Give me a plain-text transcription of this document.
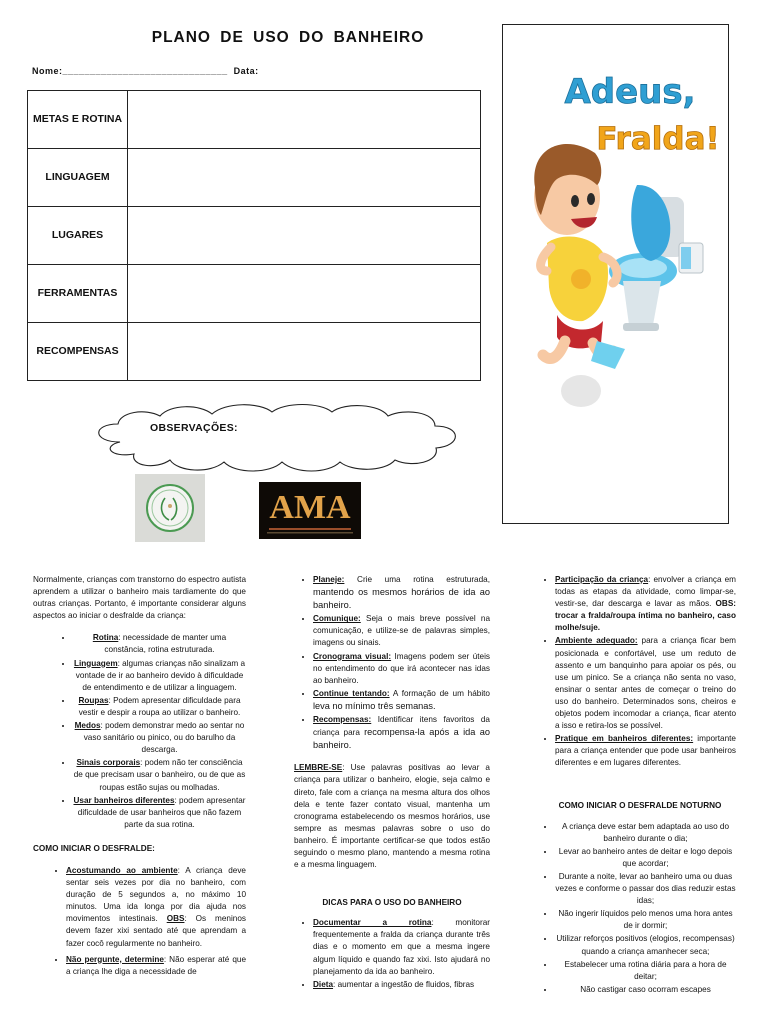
PLANO DE USO DO BANHEIRO
Nome:______________________________  Data:
METAS E ROTINA	
LINGUAGEM	
LUGARES	
FERRAMENTAS	
RECOMPENSAS	
OBSERVAÇÕES:
AMA
Adeus,
Fralda!

Normalmente, crianças com transtorno do espectro autista aprendem a utilizar o banheiro mais tardiamente do que outras crianças. Portanto, é importante considerar alguns aspectos ao iniciar o desfralde da criança:

• Rotina: necessidade de manter uma constância, rotina estruturada.
• Linguagem: algumas crianças não sinalizam a vontade de ir ao banheiro devido à dificuldade de entendimento e de utilizar a linguagem.
• Roupas: Podem apresentar dificuldade para vestir e despir a roupa ao utilizar o banheiro.
• Medos: podem demonstrar medo ao sentar no vaso sanitário ou pinico, ou do barulho da descarga.
• Sinais corporais: podem não ter consciência de que precisam usar o banheiro, ou de que as roupas estão sujas ou molhadas.
• Usar banheiros diferentes: podem apresentar dificuldade de usar banheiros que não fazem parte da sua rotina.
COMO INICIAR O DESFRALDE:
• Acostumando ao ambiente: A criança deve sentar seis vezes por dia no banheiro, com duração de 5 segundos a, no máximo 10 minutos. Uma ida longa por dia ajuda nos movimentos intestinais. OBS: Os meninos devem fazer xixi sentado até que aprendam a fazer cocô regularmente no banheiro.
• Não pergunte, determine: Não esperar até que a criança lhe diga a necessidade de
• Planeje: Crie uma rotina estruturada, mantendo os mesmos horários de ida ao banheiro.
• Comunique: Seja o mais breve possível na comunicação, e utilize-se de palavras simples, imagens ou sinais.
• Cronograma visual: Imagens podem ser úteis no entendimento do que irá acontecer nas idas ao banheiro.
• Continue tentando: A formação de um hábito leva no mínimo três semanas.
• Recompensas: Identificar itens favoritos da criança para recompensa-la após a ida ao banheiro.

LEMBRE-SE: Use palavras positivas ao levar a criança para utilizar o banheiro, elogie, seja calmo e direto, fale com a criança na mesma altura dos olhos dela e tente fazer contato visual, mantenha um cronograma estabelecendo os mesmos horários, use sempre as mesmas palavras sobre o uso do banheiro. É importante certificar-se que todos estão seguindo o mesmo plano, mantendo a mesma rotina e a mesma linguagem.

DICAS PARA O USO DO BANHEIRO
• Documentar a rotina: monitorar frequentemente a fralda da criança durante três dias e o momento em que a mesma ingere algum líquido e quando faz xixi. Isto ajudará no planejamento da ida ao banheiro.
• Dieta: aumentar a ingestão de fluidos, fibras
• Participação da criança: envolver a criança em todas as etapas da atividade, como limpar-se, vestir-se, dar descarga e lavar as mãos. OBS: trocar a fralda/roupa íntima no banheiro, caso molhe/suje.
• Ambiente adequado: para a criança ficar bem posicionada e confortável, use um reduto de assento e um banquinho para apoiar os pés, ou use um pinico. Se a criança não senta no vaso, ensinar o sentar antes de começar o treino do uso do banheiro. Determinados sons, cheiros e objetos podem incomodar a criança, ficar atento a isso e retira-los se possível.
• Pratique em banheiros diferentes: importante para a criança entender que pode usar banheiros diferentes e em lugares diferentes.
COMO INICIAR O DESFRALDE NOTURNO
• A criança deve estar bem adaptada ao uso do banheiro durante o dia;
• Levar ao banheiro antes de deitar e logo depois que acordar;
• Durante a noite, levar ao banheiro uma ou duas vezes e conforme o passar dos dias reduzir estas idas;
• Não ingerir líquidos pelo menos uma hora antes de ir dormir;
• Utilizar reforços positivos (elogios, recompensas) quando a criança amanhecer seca;
• Estabelecer uma rotina diária para a hora de deitar;
• Não castigar caso ocorram escapes
